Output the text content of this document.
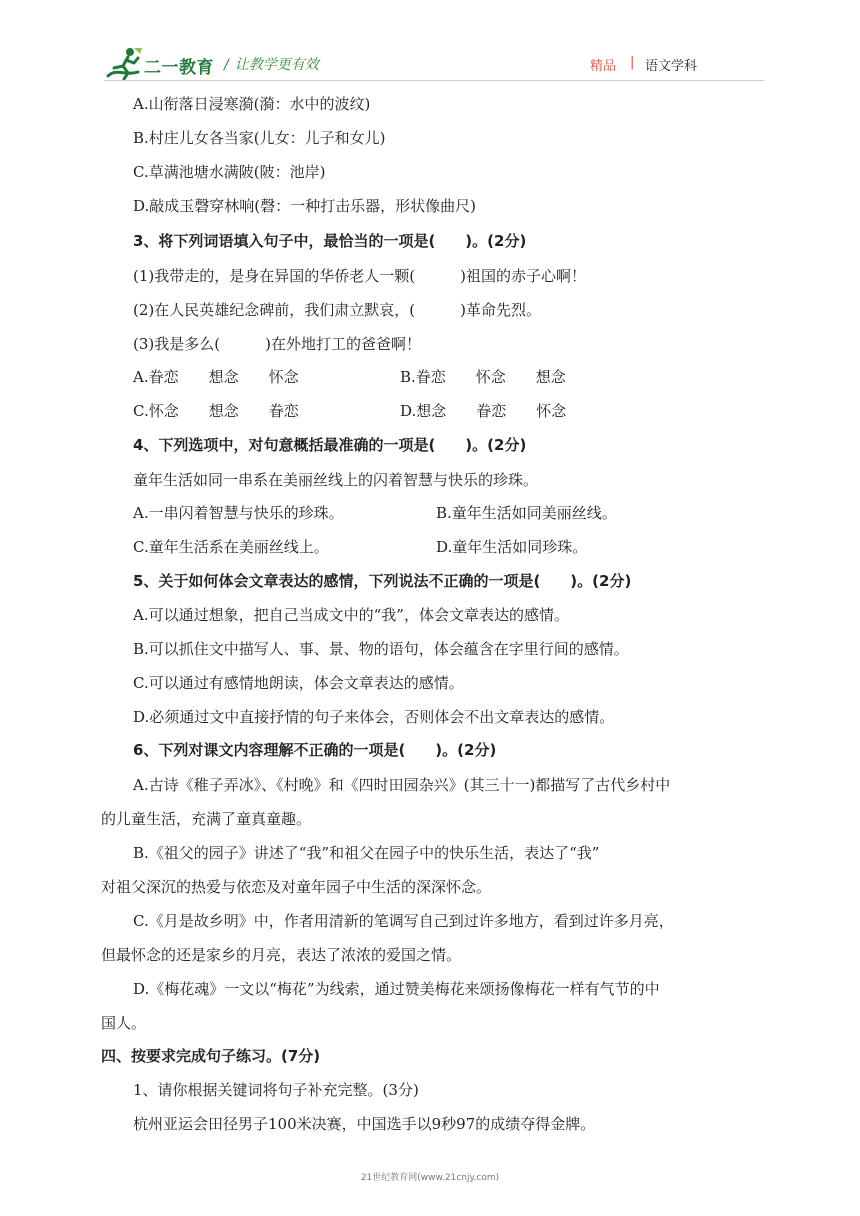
二一教育 / 让教学更有效	精品 | 语文学科
A.山衔落日浸寒漪(漪：水中的波纹)
B.村庄儿女各当家(儿女：儿子和女儿)
C.草满池塘水满陂(陂：池岸)
D.敲成玉磬穿林响(磬：一种打击乐器，形状像曲尺)
3、将下列词语填入句子中，最恰当的一项是(　　)。(2分)
(1)我带走的，是身在异国的华侨老人一颗(　　　)祖国的赤子心啊！
(2)在人民英雄纪念碑前，我们肃立默哀，(　　　)革命先烈。
(3)我是多么(　　　)在外地打工的爸爸啊！
A.眷恋　　想念　　怀念	B.眷恋　　怀念　　想念
C.怀念　　想念　　眷恋	D.想念　　眷恋　　怀念
4、下列选项中，对句意概括最准确的一项是(　　)。(2分)
童年生活如同一串系在美丽丝线上的闪着智慧与快乐的珍珠。
A.一串闪着智慧与快乐的珍珠。	B.童年生活如同美丽丝线。
C.童年生活系在美丽丝线上。	D.童年生活如同珍珠。
5、关于如何体会文章表达的感情，下列说法不正确的一项是(　　)。(2分)
A.可以通过想象，把自己当成文中的“我”，体会文章表达的感情。
B.可以抓住文中描写人、事、景、物的语句，体会蕴含在字里行间的感情。
C.可以通过有感情地朗读，体会文章表达的感情。
D.必须通过文中直接抒情的句子来体会，否则体会不出文章表达的感情。
6、下列对课文内容理解不正确的一项是(　　)。(2分)
A.古诗《稚子弄冰》、《村晚》和《四时田园杂兴》(其三十一)都描写了古代乡村中
的儿童生活，充满了童真童趣。
B.《祖父的园子》讲述了“我”和祖父在园子中的快乐生活，表达了“我”
对祖父深沉的热爱与依恋及对童年园子中生活的深深怀念。
C.《月是故乡明》中，作者用清新的笔调写自己到过许多地方，看到过许多月亮，
但最怀念的还是家乡的月亮，表达了浓浓的爱国之情。
D.《梅花魂》一文以“梅花”为线索，通过赞美梅花来颂扬像梅花一样有气节的中
国人。
四、按要求完成句子练习。(7分)
1、请你根据关键词将句子补充完整。(3分)
杭州亚运会田径男子100米决赛，中国选手以9秒97的成绩夺得金牌。
21世纪教育网(www.21cnjy.com)
